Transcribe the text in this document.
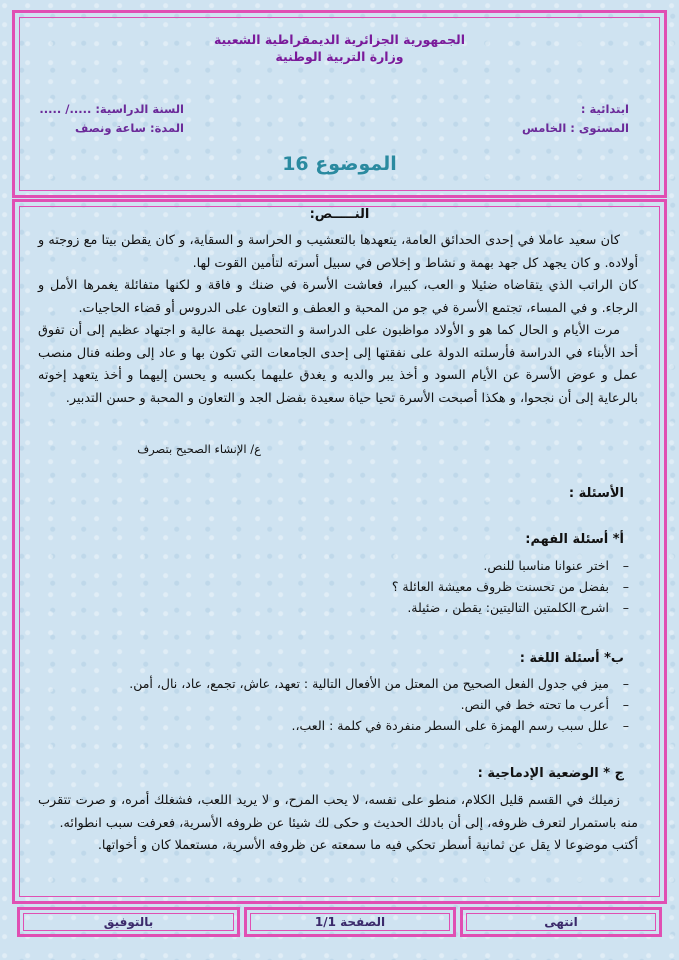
الجمهورية الجزائرية الديمقراطية الشعبية
وزارة التربية الوطنية
ابتدائية :
المستوى : الخامس
السنة الدراسية: ...../ .....
المدة: ساعة ونصف
الموضوع 16
النـــــص:

كان سعيد عاملا في إحدى الحدائق العامة، يتعهدها بالتعشيب و الحراسة و السقاية، و كان يقطن بيتا مع زوجته و أولاده. و كان يجهد كل جهد بهمة و نشاط و إخلاص في سبيل أسرته لتأمين القوت لها.

كان الراتب الذي يتقاضاه ضئيلا و العب، كبيرا، فعاشت الأسرة في ضنك و فاقة و لكنها متفائلة يغمرها الأمل و الرجاء. و في المساء، تجتمع الأسرة في جو من المحبة و العطف و التعاون على الدروس أو قضاء الحاجيات.

مرت الأيام و الحال كما هو و الأولاد مواظبون على الدراسة و التحصيل بهمة عالية و اجتهاد عظيم إلى أن تفوق أحد الأبناء في الدراسة فأرسلته الدولة على نفقتها إلى إحدى الجامعات التي تكون بها و عاد إلى وطنه فنال منصب عمل و عوض الأسرة عن الأيام السود و أخذ يبر والديه و يغدق عليهما بكسبه و يحسن إليهما و أخذ يتعهد إخوته بالرعاية إلى أن نجحوا، و هكذا أصبحت الأسرة تحيا حياة سعيدة بفضل الجد و التعاون و المحبة و حسن التدبير.

ع/ الإنشاء الصحيح بتصرف
الأسئلة :
أ* أسئلة الفهم:
–
اختر عنوانا مناسبا للنص.
–
بفضل من تحسنت ظروف معيشة العائلة ؟
–
اشرح الكلمتين التاليتين: يقطن ، ضئيلة.
ب* أسئلة اللغة :
–
ميز في جدول الفعل الصحيح من المعتل من الأفعال التالية : تعهد، عاش، تجمع، عاد، نال، أمن.
–
أعرب ما تحته خط في النص.
–
علل سبب رسم الهمزة على السطر منفردة في كلمة : العب،.
ج * الوضعية الإدماجية :

زميلك في القسم قليل الكلام، منطو على نفسه، لا يحب المرح، و لا يريد اللعب، فشغلك أمره، و صرت تتقرب منه باستمرار لتعرف ظروفه، إلى أن بادلك الحديث و حكى لك شيئا عن ظروفه الأسرية، فعرفت سبب انطوائه.

أكتب موضوعا لا يقل عن ثمانية أسطر تحكي فيه ما سمعته عن ظروفه الأسرية، مستعملا كان و أخواتها.

انتهى
الصفحة 1/1
بالتوفيق
